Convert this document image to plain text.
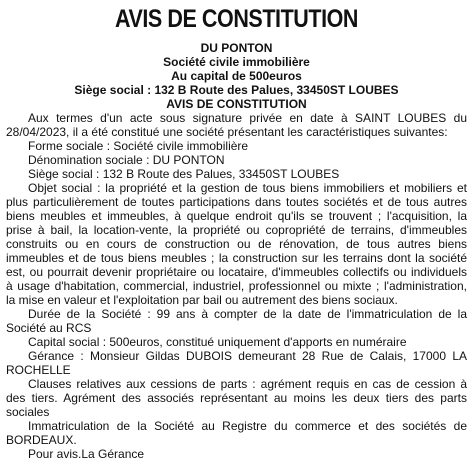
AVIS DE CONSTITUTION
DU PONTON
Société civile immobilière
Au capital de 500euros
Siège social : 132 B Route des Palues, 33450ST LOUBES
AVIS DE CONSTITUTION

Aux termes d'un acte sous signature privée en date à SAINT LOUBES du 28/04/2023, il a été constitué une société présentant les caractéristiques suivantes:

Forme sociale : Société civile immobilière

Dénomination sociale : DU PONTON

Siège social : 132 B Route des Palues, 33450ST LOUBES

Objet social : la propriété et la gestion de tous biens immobiliers et mobiliers et plus particulièrement de toutes participations dans toutes sociétés et de tous autres biens meubles et immeubles, à quelque endroit qu'ils se trouvent ; l'acquisition, la prise à bail, la location-vente, la propriété ou copropriété de terrains, d'immeubles construits ou en cours de construction ou de rénovation, de tous autres biens immeubles et de tous biens meubles ; la construction sur les terrains dont la société est, ou pourrait devenir propriétaire ou locataire, d'immeubles collectifs ou individuels à usage d'habitation, commercial, industriel, professionnel ou mixte ; l'administration, la mise en valeur et l'exploitation par bail ou autrement des biens sociaux.

Durée de la Société : 99 ans à compter de la date de l'immatriculation de la Société au RCS

Capital social : 500euros, constitué uniquement d'apports en numéraire

Gérance : Monsieur Gildas DUBOIS demeurant 28 Rue de Calais, 17000 LA ROCHELLE

Clauses relatives aux cessions de parts : agrément requis en cas de cession à des tiers. Agrément des associés représentant au moins les deux tiers des parts sociales

Immatriculation de la Société au Registre du commerce et des sociétés de BORDEAUX.

Pour avis.La Gérance
